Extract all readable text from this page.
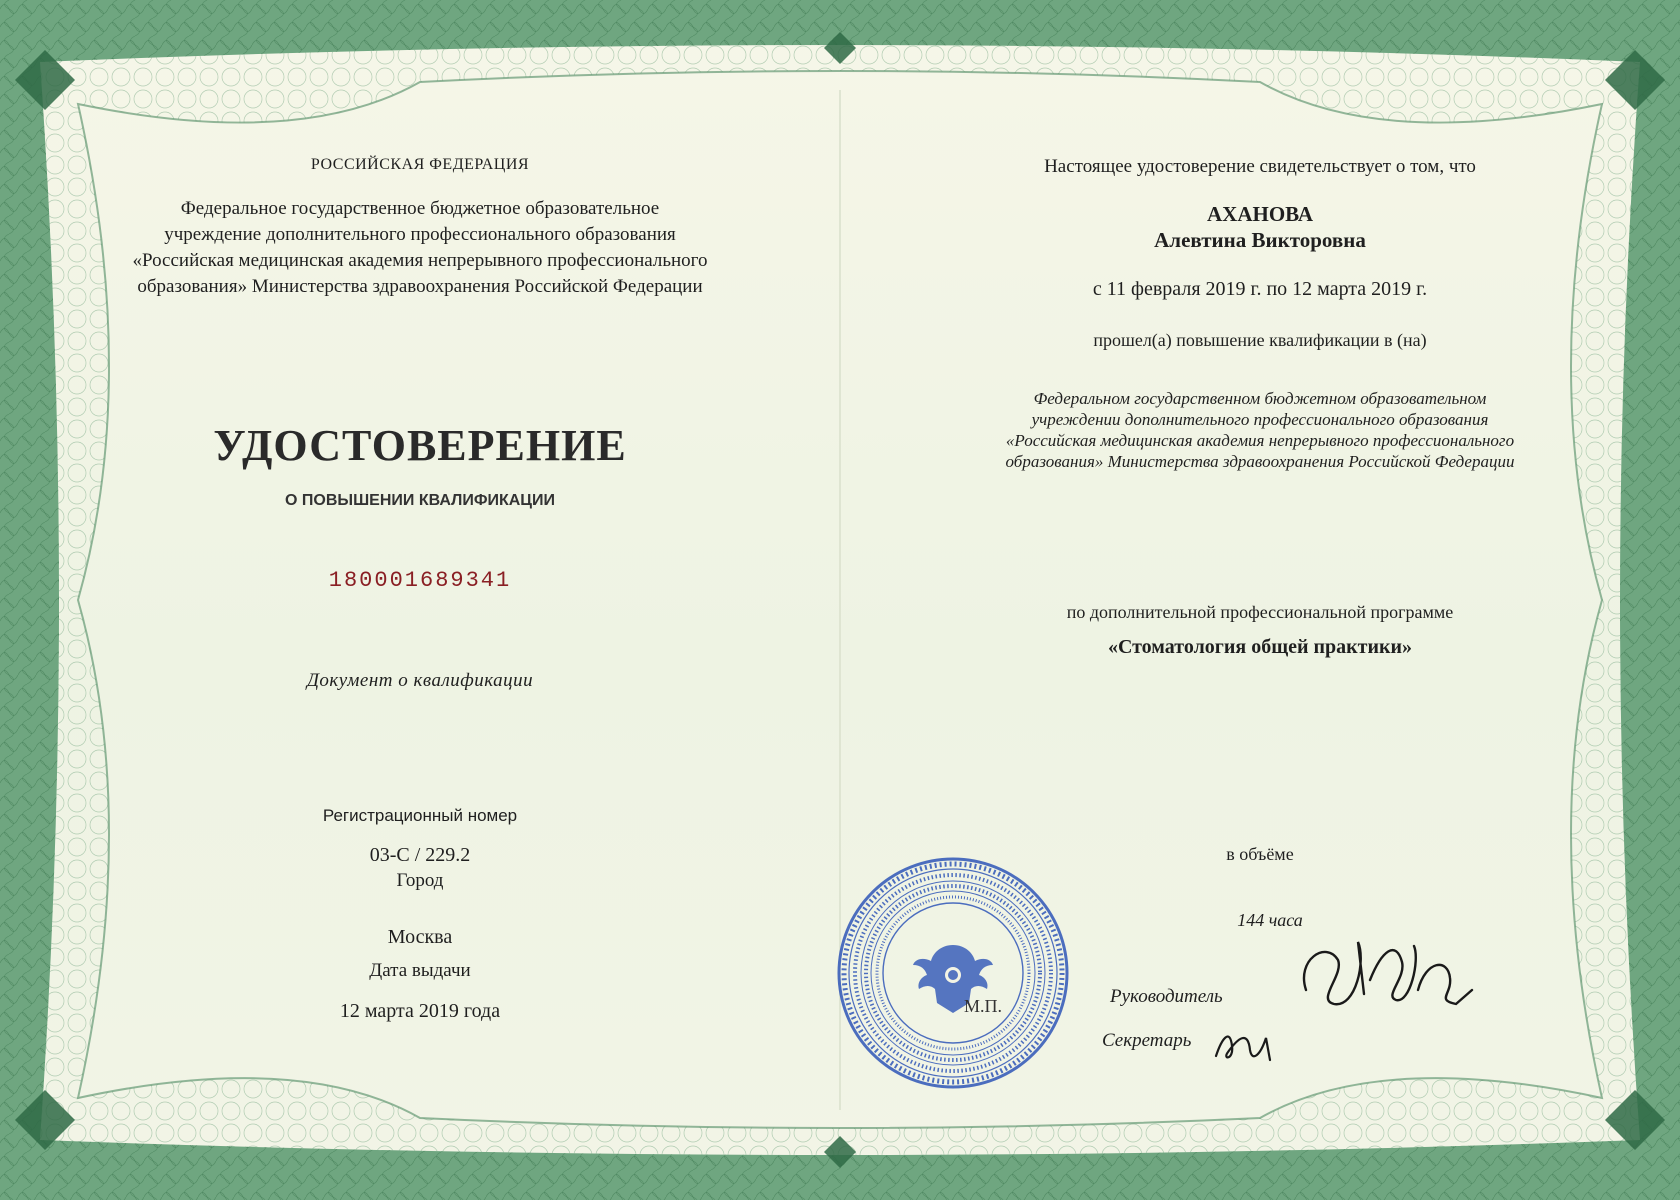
РОССИЙСКАЯ ФЕДЕРАЦИЯ
Федеральное государственное бюджетное образовательное
учреждение дополнительного профессионального образования
«Российская медицинская академия непрерывного профессионального
образования» Министерства здравоохранения Российской Федерации
УДОСТОВЕРЕНИЕ
О ПОВЫШЕНИИ КВАЛИФИКАЦИИ
180001689341
Документ о квалификации
Регистрационный номер
03-С / 229.2
Город
Москва
Дата выдачи
12 марта 2019 года
Настоящее удостоверение свидетельствует о том, что
АХАНОВА
Алевтина Викторовна
с 11 февраля 2019 г. по 12 марта 2019 г.
прошел(а) повышение квалификации в (на)
Федеральном государственном бюджетном образовательном
учреждении дополнительного профессионального образования
«Российская медицинская академия непрерывного профессионального
образования» Министерства здравоохранения Российской Федерации
по дополнительной профессиональной программе
«Стоматология общей практики»
в объёме
144 часа
М.П.	Руководитель
Секретарь
